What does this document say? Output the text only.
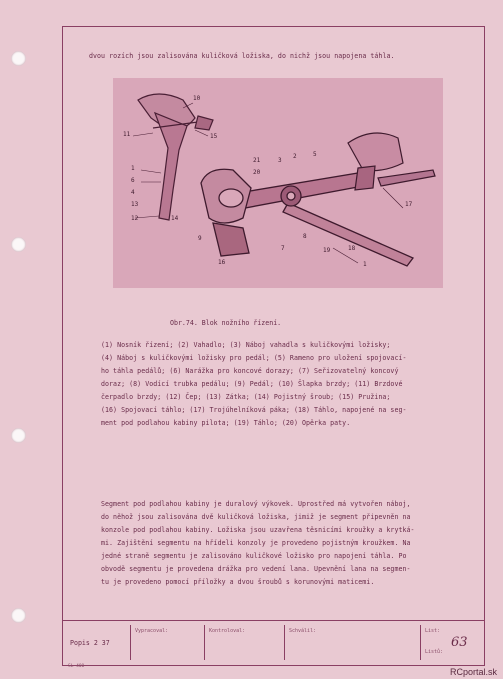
dvou rozích jsou zalisována kuličková ložiska, do nichž jsou napojena táhla.
10
11	15
1
6
4
13
12	14
21
20
3
2	5
9
16
8
19	18
7
17
1
Obr.74. Blok nožního řízení.
(1) Nosník řízení; (2) Vahadlo; (3) Náboj vahadla s kuličkovými ložisky;
(4) Náboj s kuličkovými ložisky pro pedál; (5) Rameno pro uložení spojovací-
ho táhla pedálů; (6) Narážka pro koncové dorazy; (7) Seřizovatelný koncový
doraz; (8) Vodící trubka pedálu; (9) Pedál; (10) Šlapka brzdy; (11) Brzdové
čerpadlo brzdy; (12) Čep; (13) Zátka; (14) Pojistný šroub; (15) Pružina;
(16) Spojovací táhlo; (17) Trojúhelníková páka; (18) Táhlo, napojené na seg-
ment pod podlahou kabiny pilota; (19) Táhlo; (20) Opěrka paty.
Segment pod podlahou kabiny je duralový výkovek. Uprostřed má vytvořen náboj,
do něhož jsou zalisována dvě kuličková ložiska, jimiž je segment připevněn na
konzole pod podlahou kabiny. Ložiska jsou uzavřena těsnicími kroužky a krytká-
mi. Zajištění segmentu na hřídeli konzoly je provedeno pojistným kroužkem. Na
jedné straně segmentu je zalisováno kuličkové ložisko pro napojení táhla. Po
obvodě segmentu je provedena drážka pro vedení lana. Upevnění lana na segmen-
tu je provedeno pomocí příložky a dvou šroubů s korunovými maticemi.
Popis 2 37
Vypracoval:	Kontroloval:	Schválil:	List:
Listů:
63
SL 400
RCportal.sk
